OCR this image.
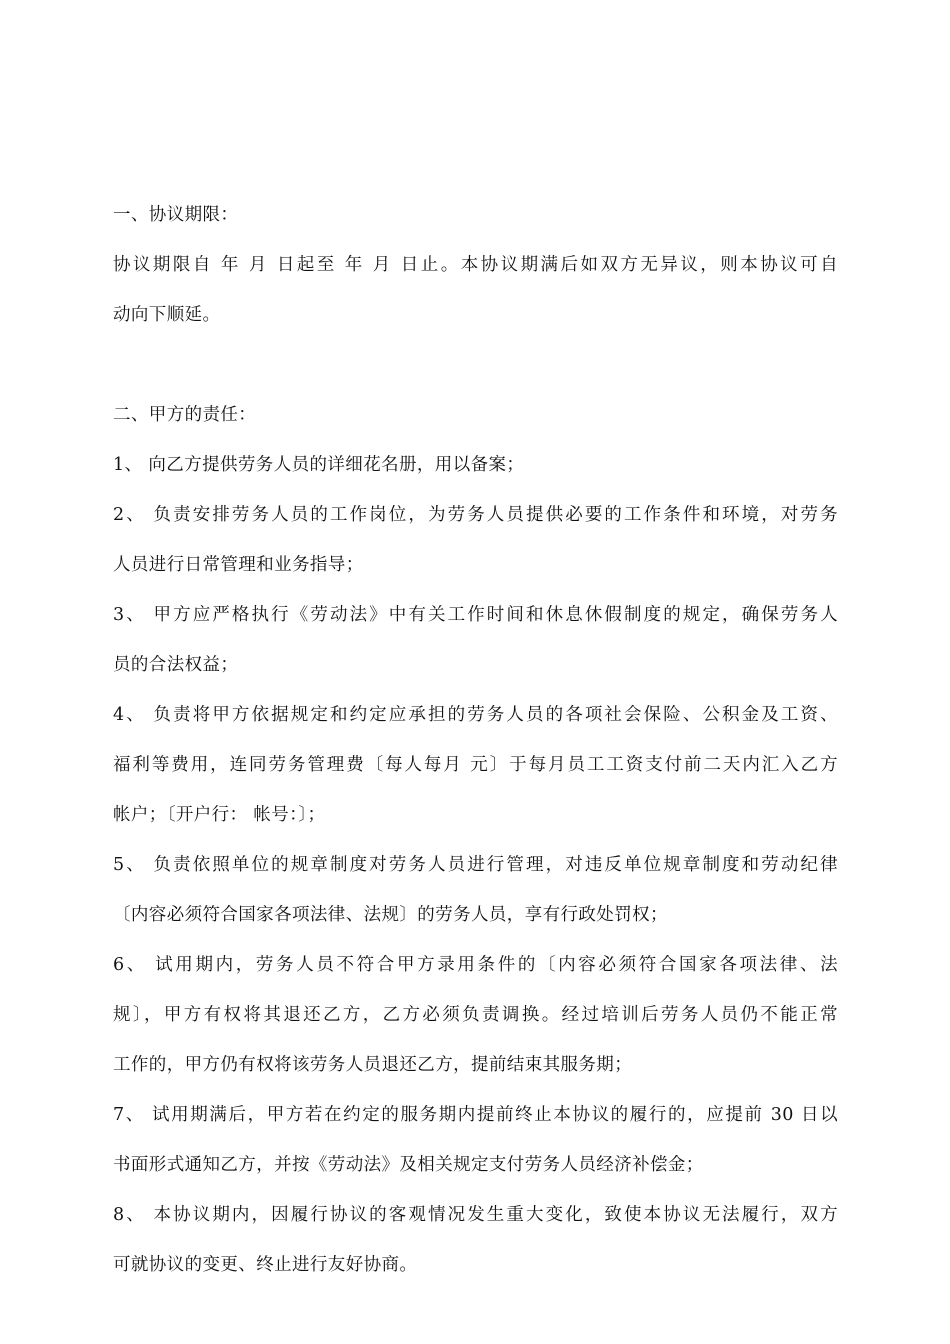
一、协议期限：
协议期限自 年 月 日起至 年 月 日止。本协议期满后如双方无异议，则本协议可自
动向下顺延。
二、甲方的责任：
1、 向乙方提供劳务人员的详细花名册，用以备案；
2、 负责安排劳务人员的工作岗位，为劳务人员提供必要的工作条件和环境，对劳务
人员进行日常管理和业务指导；
3、 甲方应严格执行《劳动法》中有关工作时间和休息休假制度的规定，确保劳务人
员的合法权益；
4、 负责将甲方依据规定和约定应承担的劳务人员的各项社会保险、公积金及工资、
福利等费用，连同劳务管理费〔每人每月 元〕于每月员工工资支付前二天内汇入乙方
帐户；〔开户行： 帐号：〕；
5、 负责依照单位的规章制度对劳务人员进行管理，对违反单位规章制度和劳动纪律
〔内容必须符合国家各项法律、法规〕的劳务人员，享有行政处罚权；
6、 试用期内，劳务人员不符合甲方录用条件的〔内容必须符合国家各项法律、法
规〕，甲方有权将其退还乙方，乙方必须负责调换。经过培训后劳务人员仍不能正常
工作的，甲方仍有权将该劳务人员退还乙方，提前结束其服务期；
7、 试用期满后，甲方若在约定的服务期内提前终止本协议的履行的，应提前 30 日以
书面形式通知乙方，并按《劳动法》及相关规定支付劳务人员经济补偿金；
8、 本协议期内，因履行协议的客观情况发生重大变化，致使本协议无法履行，双方
可就协议的变更、终止进行友好协商。
